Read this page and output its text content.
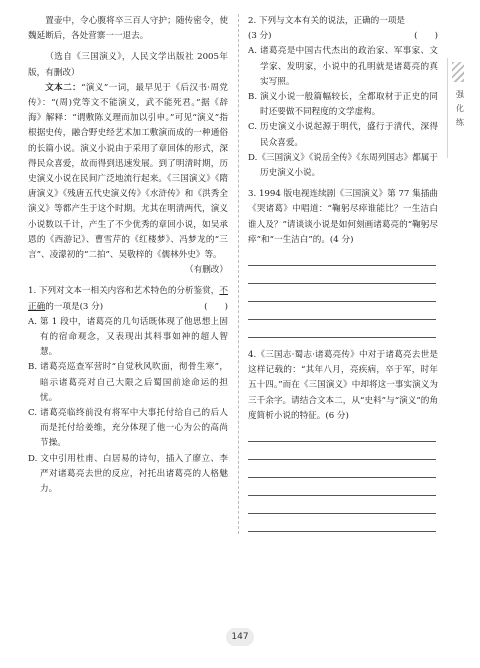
置壶中，令心腹将卒三百人守护；随传密令，使魏延断后，各处营寨一一退去。

（选自《三国演义》，人民文学出版社 2005年版，有删改）

文本二：“演义”一词，最早见于《后汉书·周党传》：“(周)党等文不能演义，武不能死君。”据《辞海》解释：“谓敷陈义理而加以引申。”可见“演义”指根据史传，融合野史经艺术加工敷演而成的一种通俗的长篇小说。演义小说由于采用了章回体的形式，深得民众喜爱，故而得到迅速发展。到了明清时期，历史演义小说在民间广泛地流行起来。《三国演义》《隋唐演义》《残唐五代史演义传》《水浒传》和《洪秀全演义》等都产生于这个时期。尤其在明清两代，演义小说数以千计，产生了不少优秀的章回小说，如吴承恩的《西游记》、曹雪芹的《红楼梦》、冯梦龙的“三言”、凌濛初的“二拍”、吴敬梓的《儒林外史》等。

（有删改）

1. 下列对文本一相关内容和艺术特色的分析鉴赏，不正确的一项是(3 分)	(　　)

A. 第 1 段中，诸葛亮的几句话既体现了他思想上固有的宿命观念，又表现出其料事如神的超人智慧。

B. 诸葛亮巡查军营时“自觉秋风吹面，彻骨生寒”，暗示诸葛亮对自己大限之后蜀国前途命运的担忧。

C. 诸葛亮临终前没有将军中大事托付给自己的后人而是托付给姜维，充分体现了他一心为公的高尚节操。

D. 文中引用杜甫、白居易的诗句，插入了廖立、李严对诸葛亮去世的反应，衬托出诸葛亮的人格魅力。

2. 下列与文本有关的说法，正确的一项是

(3 分)	(　　)

A. 诸葛亮是中国古代杰出的政治家、军事家、文学家、发明家，小说中的孔明就是诸葛亮的真实写照。

B. 演义小说一般篇幅较长，全都取材于正史的同时还要做不同程度的文学虚构。

C. 历史演义小说起源于明代，盛行于清代，深得民众喜爱。

D.《三国演义》《说岳全传》《东周列国志》都属于历史演义小说。

3. 1994 版电视连续剧《三国演义》第 77 集插曲《哭诸葛》中唱道：“鞠躬尽瘁谁能比？一生洁白谁人及？”请谈谈小说是如何刻画诸葛亮的“鞠躬尽瘁”和“一生洁白”的。(4 分)

4.《三国志·蜀志·诸葛亮传》中对于诸葛亮去世是这样记载的：“其年八月，亮疾病，卒于军，时年五十四。”而在《三国演义》中却将这一事实演义为三千余字。请结合文本二，从“史料”与“演义”的角度简析小说的特征。(6 分)

强
化
练
147
